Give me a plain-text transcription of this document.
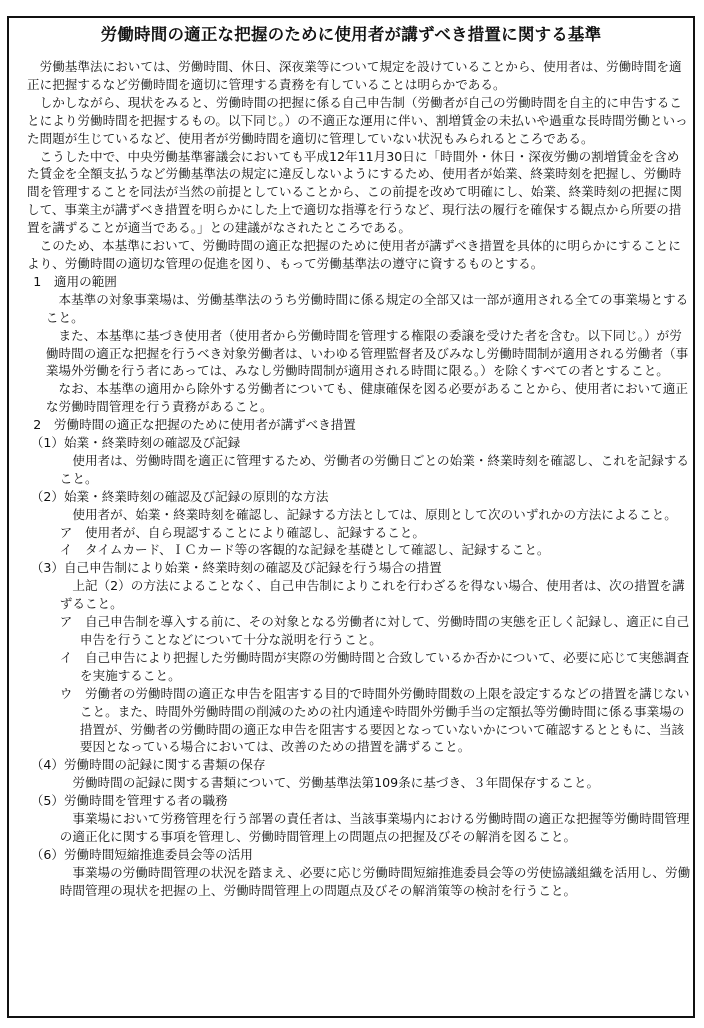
労働時間の適正な把握のために使用者が講ずべき措置に関する基準

労働基準法においては、労働時間、休日、深夜業等について規定を設けていることから、使用者は、労働時間を適正に把握するなど労働時間を適切に管理する責務を有していることは明らかである。

しかしながら、現状をみると、労働時間の把握に係る自己申告制（労働者が自己の労働時間を自主的に申告することにより労働時間を把握するもの。以下同じ。）の不適正な運用に伴い、割増賃金の未払いや過重な長時間労働といった問題が生じているなど、使用者が労働時間を適切に管理していない状況もみられるところである。

こうした中で、中央労働基準審議会においても平成12年11月30日に「時間外・休日・深夜労働の割増賃金を含めた賃金を全額支払うなど労働基準法の規定に違反しないようにするため、使用者が始業、終業時刻を把握し、労働時間を管理することを同法が当然の前提としていることから、この前提を改めて明確にし、始業、終業時刻の把握に関して、事業主が講ずべき措置を明らかにした上で適切な指導を行うなど、現行法の履行を確保する観点から所要の措置を講ずることが適当である。」との建議がなされたところである。

このため、本基準において、労働時間の適正な把握のために使用者が講ずべき措置を具体的に明らかにすることにより、労働時間の適切な管理の促進を図り、もって労働基準法の遵守に資するものとする。

1　適用の範囲

本基準の対象事業場は、労働基準法のうち労働時間に係る規定の全部又は一部が適用される全ての事業場とすること。

また、本基準に基づき使用者（使用者から労働時間を管理する権限の委譲を受けた者を含む。以下同じ。）が労働時間の適正な把握を行うべき対象労働者は、いわゆる管理監督者及びみなし労働時間制が適用される労働者（事業場外労働を行う者にあっては、みなし労働時間制が適用される時間に限る。）を除くすべての者とすること。

なお、本基準の適用から除外する労働者についても、健康確保を図る必要があることから、使用者において適正な労働時間管理を行う責務があること。

2　労働時間の適正な把握のために使用者が講ずべき措置

（1）始業・終業時刻の確認及び記録

使用者は、労働時間を適正に管理するため、労働者の労働日ごとの始業・終業時刻を確認し、これを記録すること。

（2）始業・終業時刻の確認及び記録の原則的な方法

使用者が、始業・終業時刻を確認し、記録する方法としては、原則として次のいずれかの方法によること。

ア　使用者が、自ら現認することにより確認し、記録すること。

イ　タイムカード、ＩＣカード等の客観的な記録を基礎として確認し、記録すること。

（3）自己申告制により始業・終業時刻の確認及び記録を行う場合の措置

上記（2）の方法によることなく、自己申告制によりこれを行わざるを得ない場合、使用者は、次の措置を講ずること。

ア　自己申告制を導入する前に、その対象となる労働者に対して、労働時間の実態を正しく記録し、適正に自己申告を行うことなどについて十分な説明を行うこと。

イ　自己申告により把握した労働時間が実際の労働時間と合致しているか否かについて、必要に応じて実態調査を実施すること。

ウ　労働者の労働時間の適正な申告を阻害する目的で時間外労働時間数の上限を設定するなどの措置を講じないこと。また、時間外労働時間の削減のための社内通達や時間外労働手当の定額払等労働時間に係る事業場の措置が、労働者の労働時間の適正な申告を阻害する要因となっていないかについて確認するとともに、当該要因となっている場合においては、改善のための措置を講ずること。

（4）労働時間の記録に関する書類の保存

労働時間の記録に関する書類について、労働基準法第109条に基づき、３年間保存すること。

（5）労働時間を管理する者の職務

事業場において労務管理を行う部署の責任者は、当該事業場内における労働時間の適正な把握等労働時間管理の適正化に関する事項を管理し、労働時間管理上の問題点の把握及びその解消を図ること。

（6）労働時間短縮推進委員会等の活用

事業場の労働時間管理の状況を踏まえ、必要に応じ労働時間短縮推進委員会等の労使協議組織を活用し、労働時間管理の現状を把握の上、労働時間管理上の問題点及びその解消策等の検討を行うこと。
